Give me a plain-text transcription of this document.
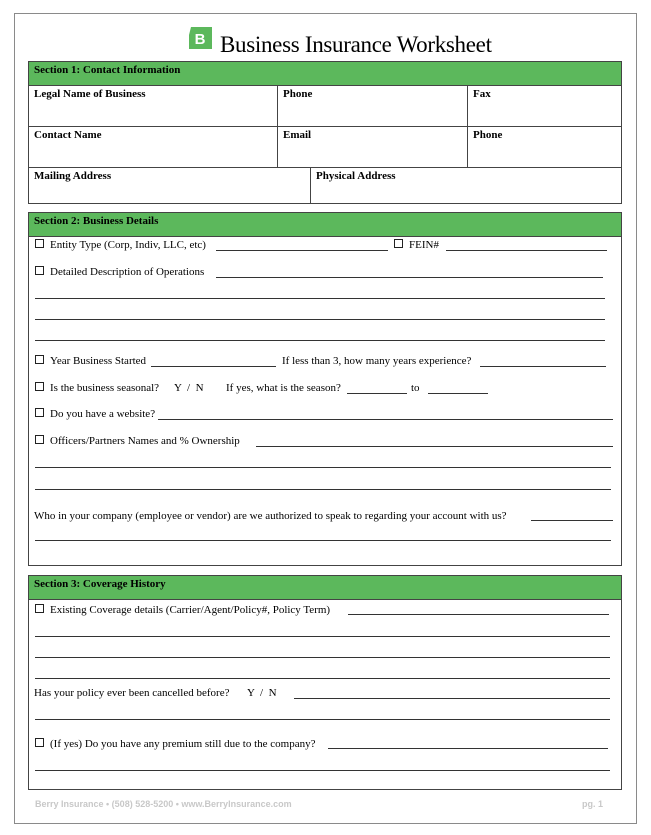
B Business Insurance Worksheet
Section 1: Contact Information
Legal Name of Business	Phone	Fax
Contact Name	Email	Phone
Mailing Address	Physical Address
Section 2: Business Details
Entity Type (Corp, Indiv, LLC, etc)	FEIN#
Detailed Description of Operations
Year Business Started	If less than 3, how many years experience?
Is the business seasonal? Y  /  N If yes, what is the season?	to
Do you have a website?
Officers/Partners Names and % Ownership
Who in your company (employee or vendor) are we authorized to speak to regarding your account with us?
Section 3: Coverage History
Existing Coverage details (Carrier/Agent/Policy#, Policy Term)
Has your policy ever been cancelled before? Y  /  N
(If yes) Do you have any premium still due to the company?
Berry Insurance • (508) 528-5200 • www.BerryInsurance.com	pg. 1
